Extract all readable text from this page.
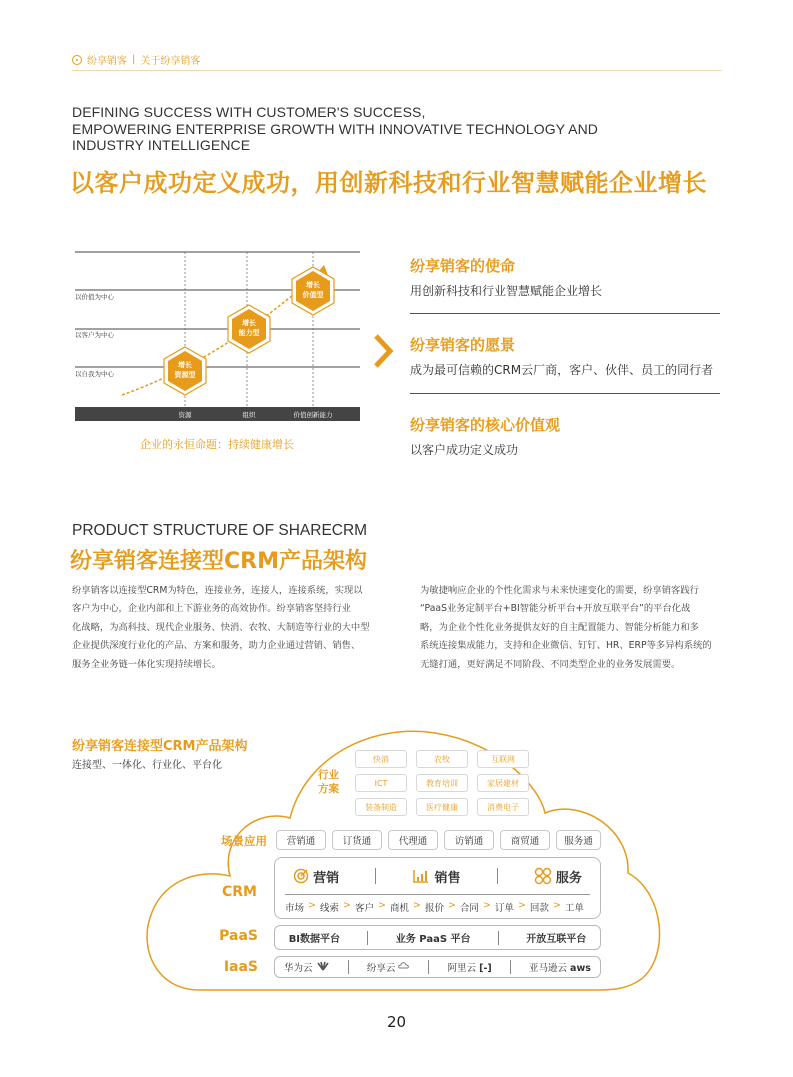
纷享销客 | 关于纷享销客
DEFINING SUCCESS WITH CUSTOMER'S SUCCESS,
EMPOWERING ENTERPRISE GROWTH WITH INNOVATIVE TECHNOLOGY AND
INDUSTRY INTELLIGENCE
以客户成功定义成功，用创新科技和行业智慧赋能企业增长
以价值为中心
以客户为中心
以自我为中心
增长
资源型
增长
能力型
增长
价值型
资源	组织	价值创新能力
企业的永恒命题：持续健康增长
纷享销客的使命
用创新科技和行业智慧赋能企业增长
纷享销客的愿景
成为最可信赖的CRM云厂商，客户、伙伴、员工的同行者
纷享销客的核心价值观
以客户成功定义成功
PRODUCT STRUCTURE OF SHARECRM
纷享销客连接型CRM产品架构
纷享销客以连接型CRM为特色，连接业务，连接人，连接系统，实现以
客户为中心，企业内部和上下游业务的高效协作。纷享销客坚持行业
化战略，为高科技、现代企业服务、快消、农牧、大制造等行业的大中型
企业提供深度行业化的产品、方案和服务，助力企业通过营销、销售、
服务全业务链一体化实现持续增长。
为敏捷响应企业的个性化需求与未来快速变化的需要，纷享销客践行
“PaaS业务定制平台+BI智能分析平台+开放互联平台”的平台化战
略，为企业个性化业务提供友好的自主配置能力、智能分析能力和多
系统连接集成能力，支持和企业微信、钉钉、HR、ERP等多异构系统的
无缝打通，更好满足不同阶段、不同类型企业的业务发展需要。
纷享销客连接型CRM产品架构
连接型、一体化、行业化、平台化
行业
方案
快消	农牧	互联网
ICT	教育培训	家居建材
装备制造	医疗健康	消费电子
场景应用	营销通	订货通	代理通	访销通	商贸通	服务通
CRM
营销	销售	服务
市场 > 线索 > 客户 > 商机 > 报价 > 合同 > 订单 > 回款 > 工单
PaaS	BI数据平台	业务 PaaS 平台	开放互联平台
IaaS	华为云	纷享云	阿里云 [-]	亚马逊云 aws
20
